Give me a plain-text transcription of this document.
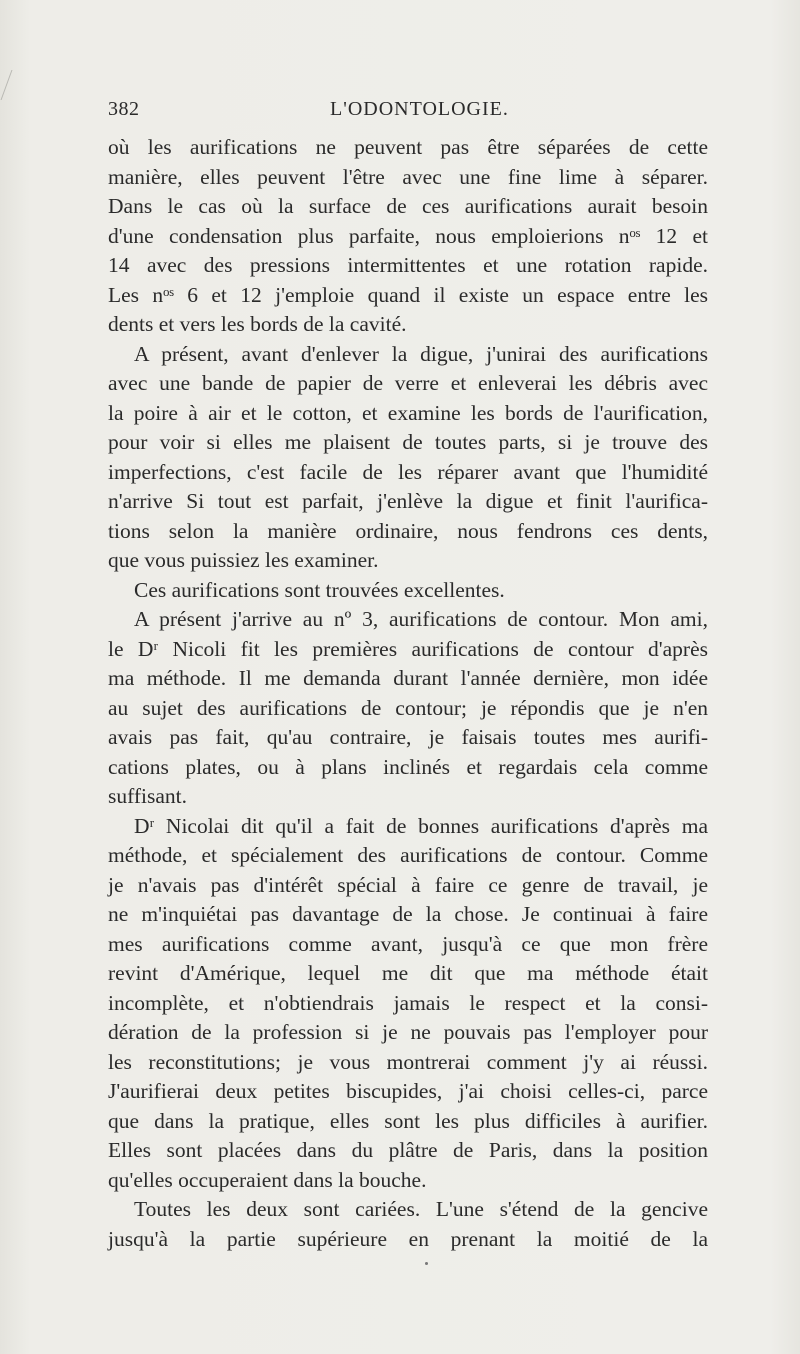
382	L'ODONTOLOGIE.
où les aurifications ne peuvent pas être séparées de cette
manière, elles peuvent l'être avec une fine lime à séparer.
Dans le cas où la surface de ces aurifications aurait besoin
d'une condensation plus parfaite, nous emploierions nᵒˢ 12 et
14 avec des pressions intermittentes et une rotation rapide.
Les nᵒˢ 6 et 12 j'emploie quand il existe un espace entre les
dents et vers les bords de la cavité.
A présent, avant d'enlever la digue, j'unirai des aurifications
avec une bande de papier de verre et enleverai les débris avec
la poire à air et le cotton, et examine les bords de l'aurification,
pour voir si elles me plaisent de toutes parts, si je trouve des
imperfections, c'est facile de les réparer avant que l'humidité
n'arrive Si tout est parfait, j'enlève la digue et finit l'aurifica-
tions selon la manière ordinaire, nous fendrons ces dents,
que vous puissiez les examiner.
Ces aurifications sont trouvées excellentes.
A présent j'arrive au nº 3, aurifications de contour. Mon ami,
le Dʳ Nicoli fit les premières aurifications de contour d'après
ma méthode. Il me demanda durant l'année dernière, mon idée
au sujet des aurifications de contour; je répondis que je n'en
avais pas fait, qu'au contraire, je faisais toutes mes aurifi-
cations plates, ou à plans inclinés et regardais cela comme
suffisant.
Dʳ Nicolai dit qu'il a fait de bonnes aurifications d'après ma
méthode, et spécialement des aurifications de contour. Comme
je n'avais pas d'intérêt spécial à faire ce genre de travail, je
ne m'inquiétai pas davantage de la chose. Je continuai à faire
mes aurifications comme avant, jusqu'à ce que mon frère
revint d'Amérique, lequel me dit que ma méthode était
incomplète, et n'obtiendrais jamais le respect et la consi-
dération de la profession si je ne pouvais pas l'employer pour
les reconstitutions; je vous montrerai comment j'y ai réussi.
J'aurifierai deux petites biscupides, j'ai choisi celles-ci, parce
que dans la pratique, elles sont les plus difficiles à aurifier.
Elles sont placées dans du plâtre de Paris, dans la position
qu'elles occuperaient dans la bouche.
Toutes les deux sont cariées. L'une s'étend de la gencive
jusqu'à la partie supérieure en prenant la moitié de la
